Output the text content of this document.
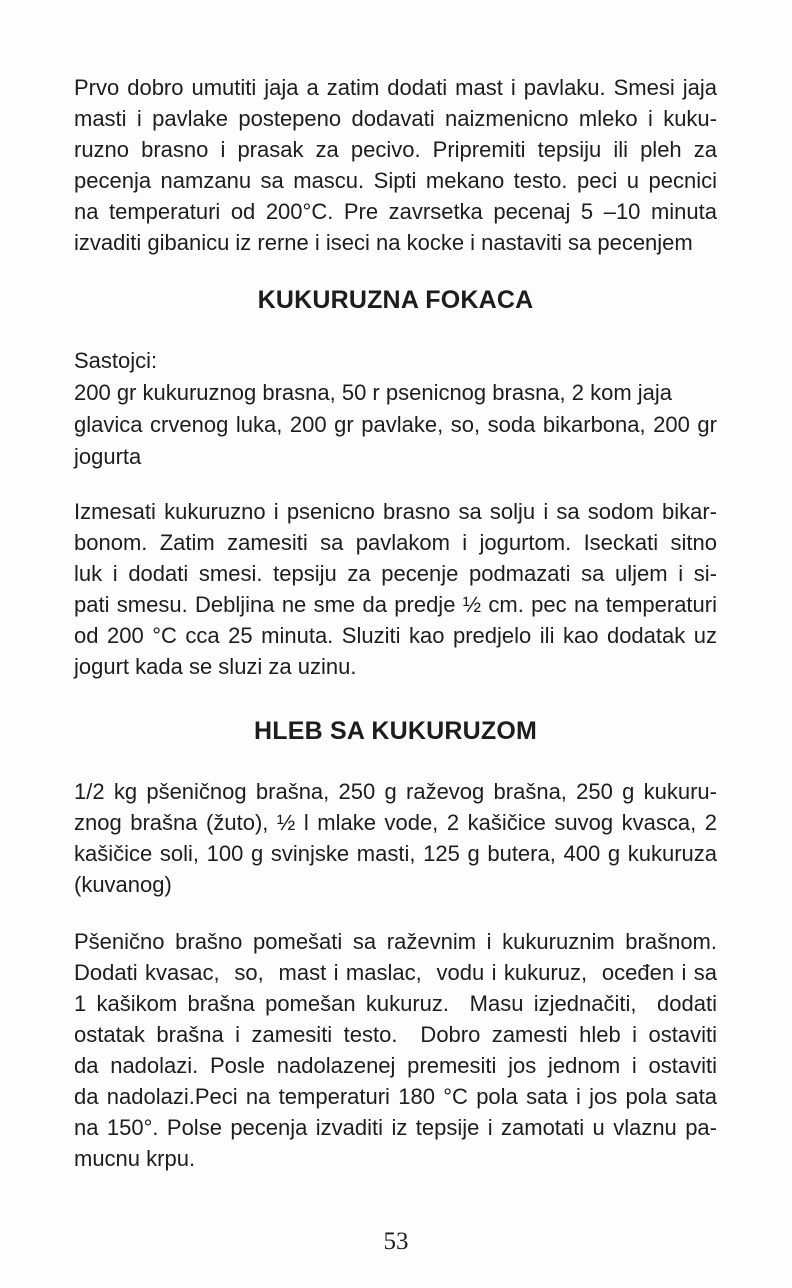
Prvo dobro umutiti jaja a zatim dodati mast i pavlaku. Smesi jaja
masti i pavlake postepeno dodavati naizmenicno mleko i kuku-
ruzno brasno i prasak za pecivo. Pripremiti tepsiju ili pleh za
pecenja namzanu sa mascu. Sipti mekano testo. peci u pecnici
na temperaturi od 200°C. Pre zavrsetka pecenaj 5 –10 minuta
izvaditi gibanicu iz rerne i iseci na kocke i nastaviti sa pecenjem
KUKURUZNA FOKACA
Sastojci:
200 gr kukuruznog brasna, 50 r psenicnog brasna, 2 kom jaja
glavica crvenog luka, 200 gr pavlake, so, soda bikarbona, 200 gr
jogurta
Izmesati kukuruzno i psenicno brasno sa solju i sa sodom bikar-
bonom. Zatim zamesiti sa pavlakom i jogurtom. Iseckati sitno
luk i dodati smesi. tepsiju za pecenje podmazati sa uljem i si-
pati smesu. Debljina ne sme da predje ½ cm. pec na temperaturi
od 200 °C cca 25 minuta. Sluziti kao predjelo ili kao dodatak uz
jogurt kada se sluzi za uzinu.
HLEB SA KUKURUZOM
1/2 kg pšeničnog brašna, 250 g raževog brašna, 250 g kukuru-
znog brašna (žuto), ½ l mlake vode, 2 kašičice suvog kvasca, 2
kašičice soli, 100 g svinjske masti, 125 g butera, 400 g kukuruza
(kuvanog)
Pšenično brašno pomešati sa raževnim i kukuruznim brašnom.
Dodati kvasac,  so,  mast i maslac,  vodu i kukuruz,  oceđen i sa
1 kašikom brašna pomešan kukuruz.  Masu izjednačiti,  dodati
ostatak brašna i zamesiti testo.  Dobro zamesti hleb i ostaviti
da nadolazi. Posle nadolazenej premesiti jos jednom i ostaviti
da nadolazi.Peci na temperaturi 180 °C pola sata i jos pola sata
na 150°. Polse pecenja izvaditi iz tepsije i zamotati u vlaznu pa-
mucnu krpu.
53
